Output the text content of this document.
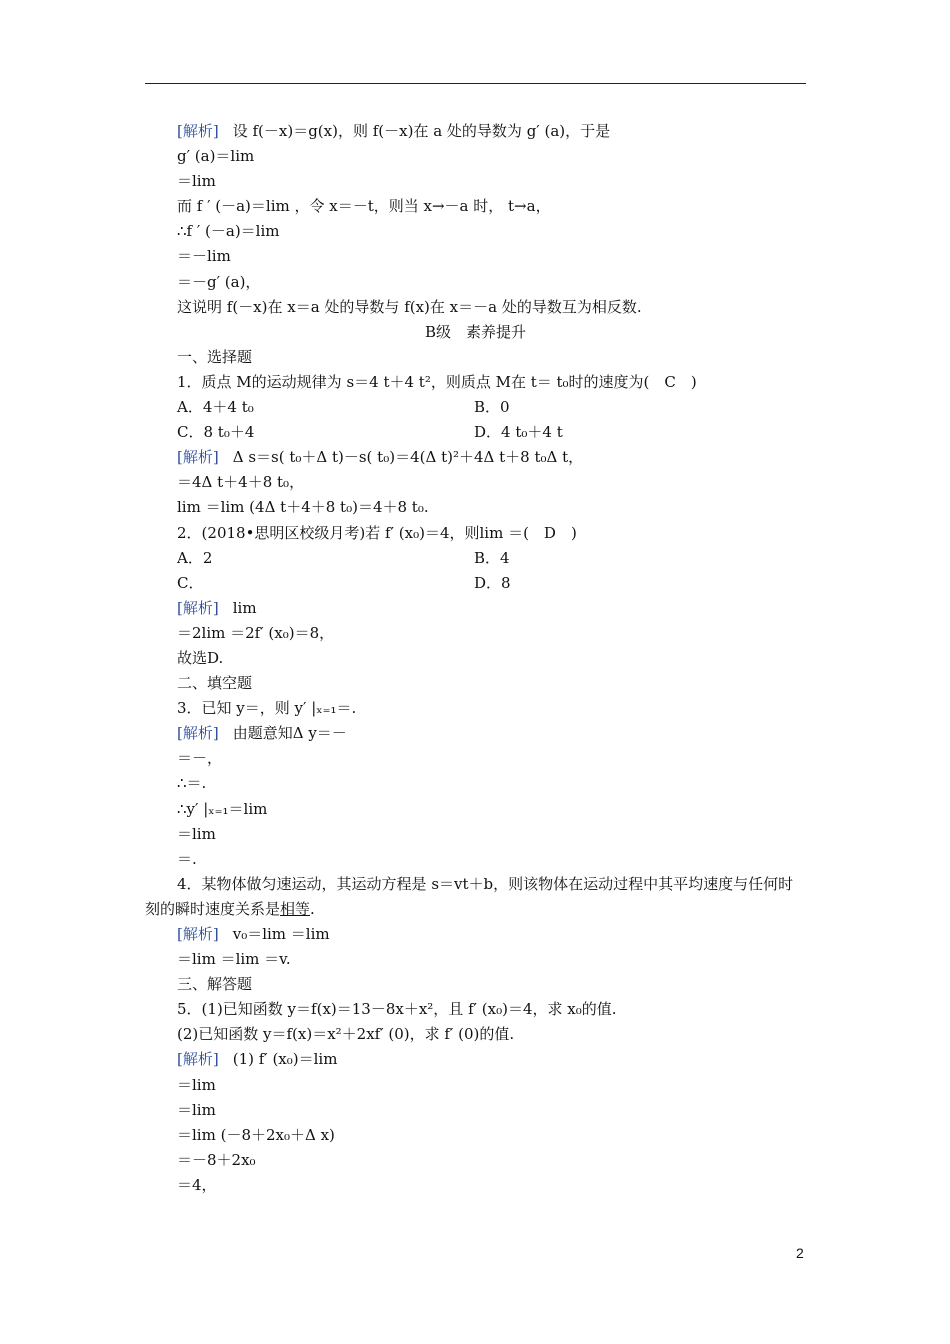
[解析] 设 f(－x)＝g(x)，则 f(－x)在 a 处的导数为 g′ (a)，于是
g′ (a)＝lim
＝lim
而 f ′ (－a)＝lim ，令 x＝－t，则当 x→－a 时， t→a，
∴f ′ (－a)＝lim
＝－lim
＝－g′ (a)，
这说明 f(－x)在 x＝a 处的导数与 f(x)在 x＝－a 处的导数互为相反数.
B级　素养提升
一、选择题
1．质点 M的运动规律为 s＝4 t＋4 t²，则质点 M在 t＝ t₀时的速度为(　C　)
A．4＋4 t₀	B．0
C．8 t₀＋4	D．4 t₀＋4 t
[解析] Δ s＝s( t₀＋Δ t)－s( t₀)＝4(Δ t)²＋4Δ t＋8 t₀Δ t，
＝4Δ t＋4＋8 t₀，
lim ＝lim (4Δ t＋4＋8 t₀)＝4＋8 t₀.
2．(2018•思明区校级月考)若 f′ (x₀)＝4，则lim ＝(　D　)
A．2	B．4
C．	D．8
[解析] lim
＝2lim ＝2f′ (x₀)＝8，
故选D.
二、填空题
3．已知 y＝，则 y′ |ₓ₌₁＝.
[解析] 由题意知Δ y＝－
＝－，
∴＝.
∴y′ |ₓ₌₁＝lim
＝lim
＝.
4．某物体做匀速运动，其运动方程是 s＝vt＋b，则该物体在运动过程中其平均速度与任何时刻的瞬时速度关系是相等.
[解析] v₀＝lim ＝lim
＝lim ＝lim ＝v.
三、解答题
5．(1)已知函数 y＝f(x)＝13－8x＋x²，且 f′ (x₀)＝4，求 x₀的值.
(2)已知函数 y＝f(x)＝x²＋2xf′ (0)，求 f′ (0)的值.
[解析] (1) f′ (x₀)＝lim
＝lim
＝lim
＝lim (－8＋2x₀＋Δ x)
＝－8＋2x₀
＝4，
2
